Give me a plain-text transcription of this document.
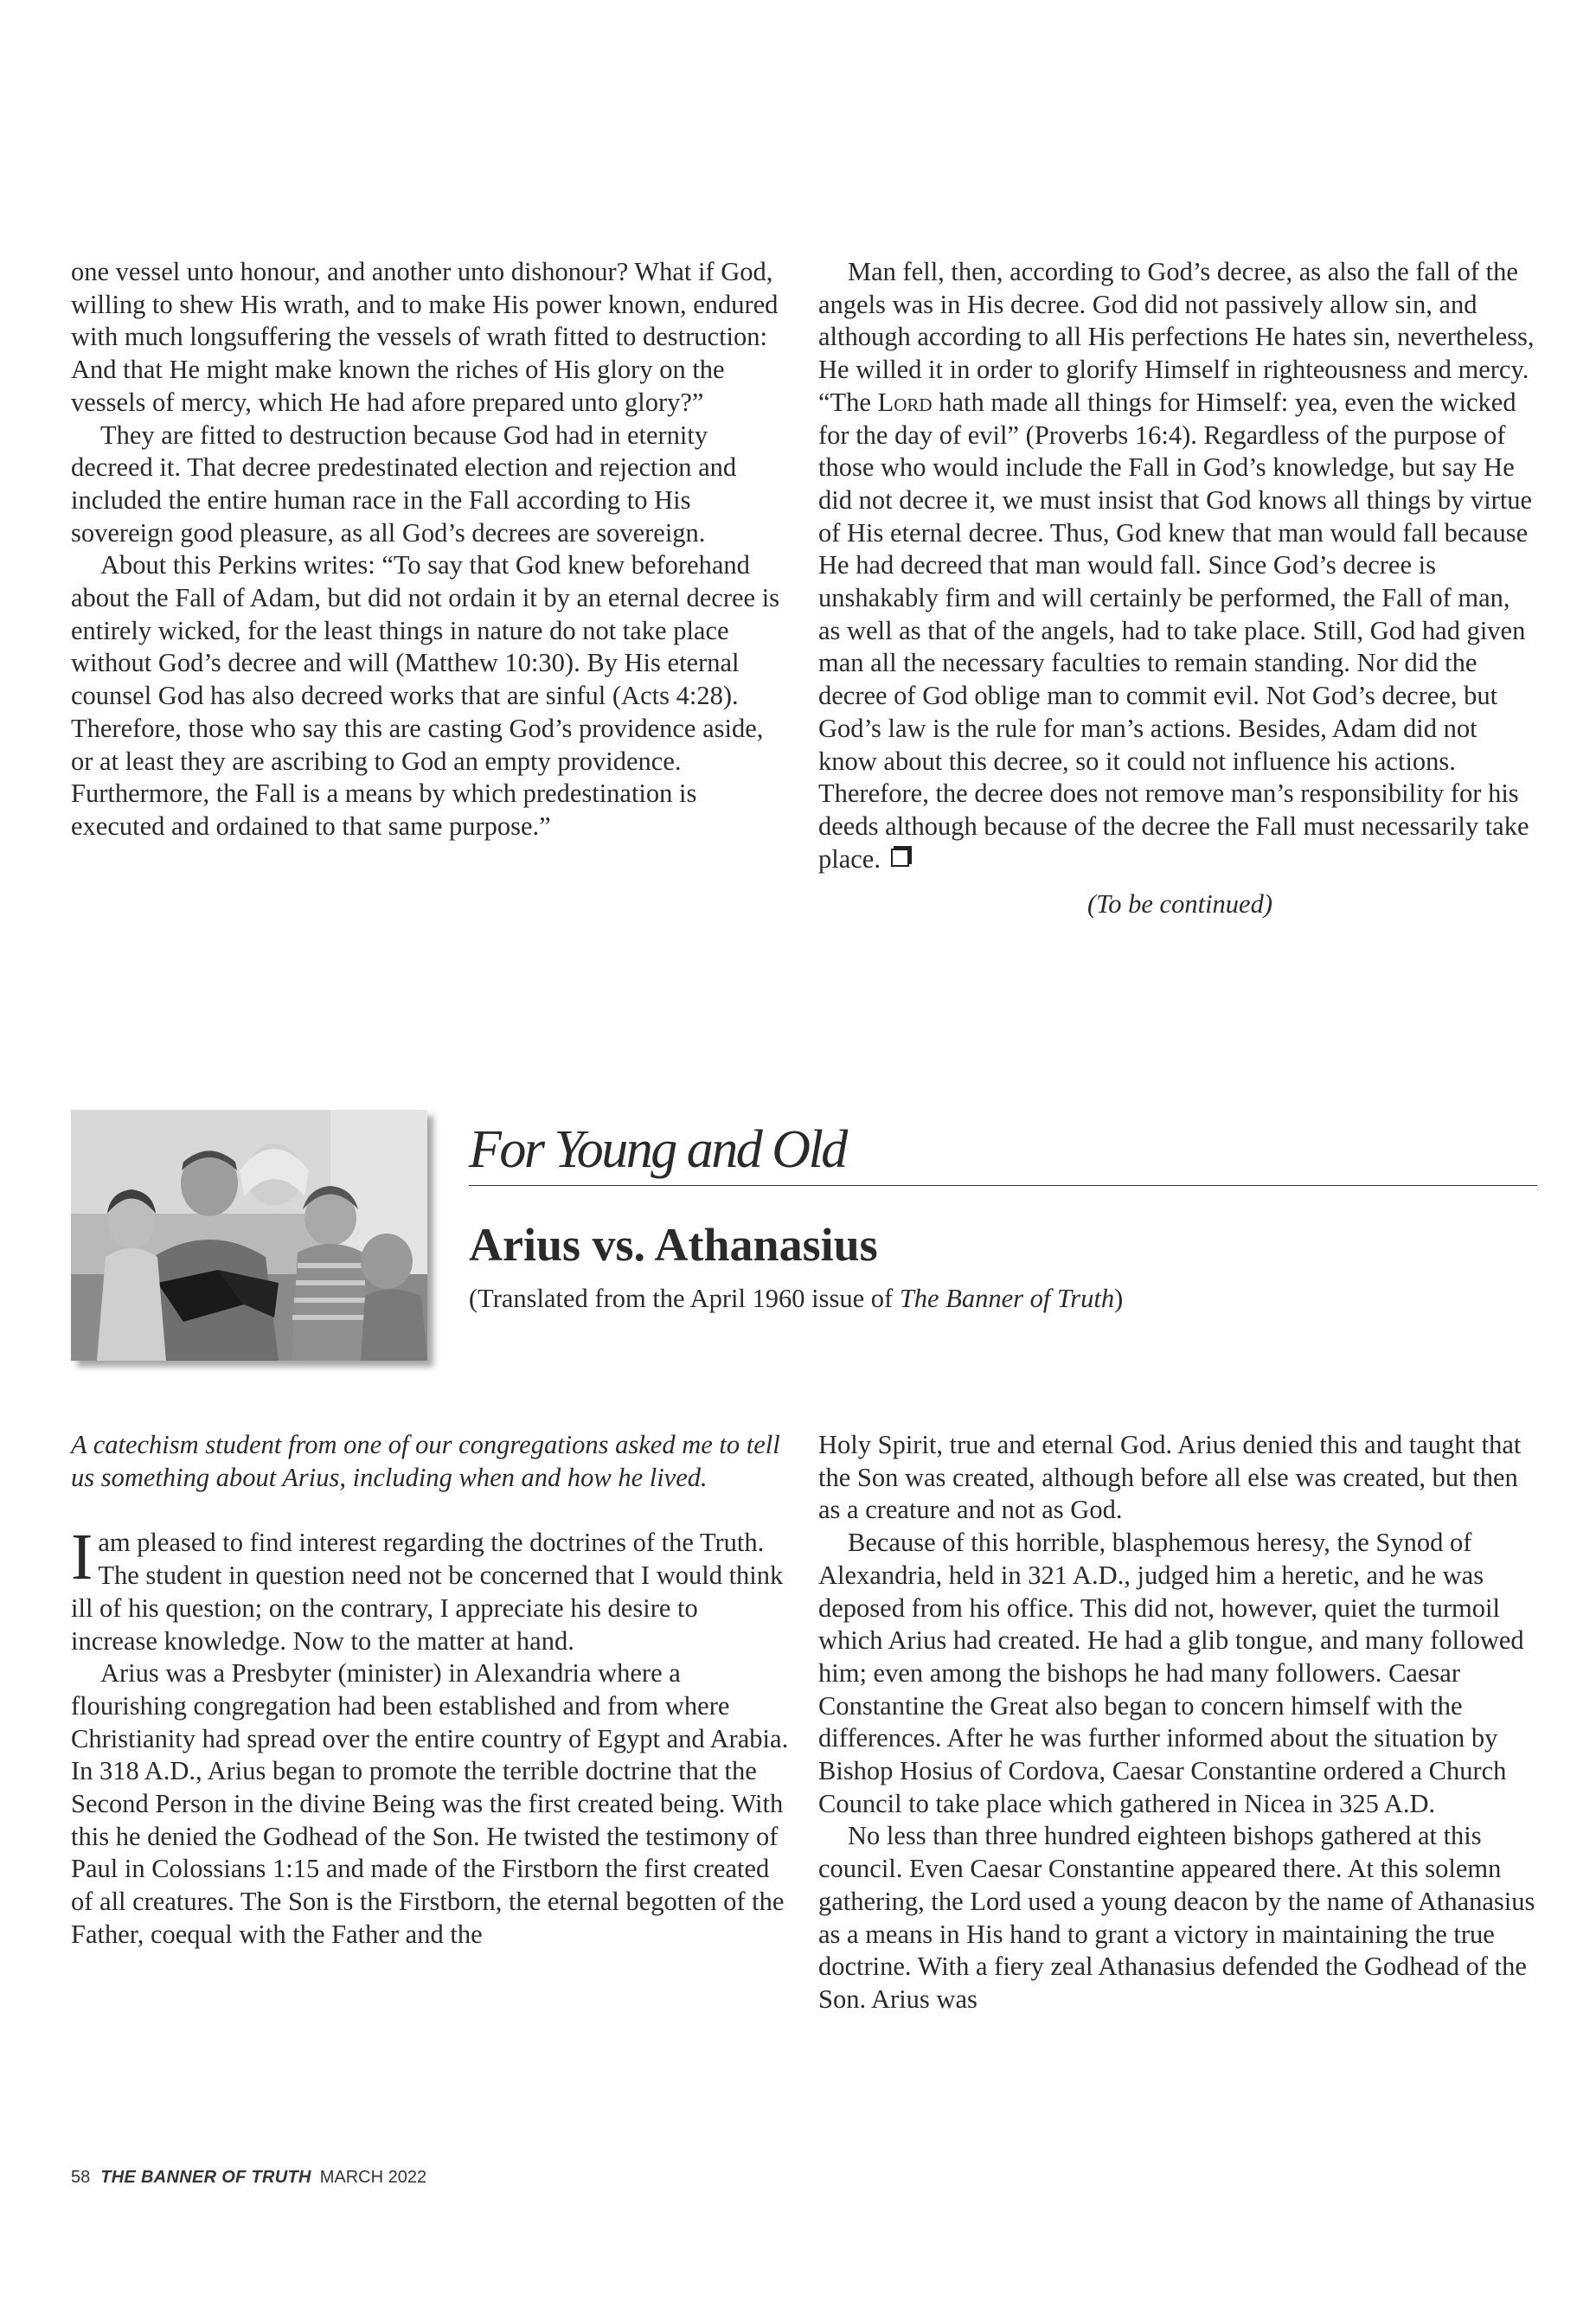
one vessel unto honour, and another unto dishonour? What if God, willing to shew His wrath, and to make His power known, endured with much longsuffering the vessels of wrath fitted to destruction: And that He might make known the riches of His glory on the vessels of mercy, which He had afore prepared unto glory?”

They are fitted to destruction because God had in eternity decreed it. That decree predestinated election and rejection and included the entire human race in the Fall according to His sovereign good pleasure, as all God’s decrees are sovereign.

About this Perkins writes: “To say that God knew beforehand about the Fall of Adam, but did not ordain it by an eternal decree is entirely wicked, for the least things in nature do not take place without God’s decree and will (Matthew 10:30). By His eternal counsel God has also decreed works that are sinful (Acts 4:28). Therefore, those who say this are casting God’s providence aside, or at least they are ascribing to God an empty providence. Furthermore, the Fall is a means by which predestination is executed and ordained to that same purpose.”

Man fell, then, according to God’s decree, as also the fall of the angels was in His decree. God did not passively allow sin, and although according to all His perfections He hates sin, nevertheless, He willed it in order to glorify Himself in righteousness and mercy. “The Lord hath made all things for Himself: yea, even the wicked for the day of evil” (Proverbs 16:4). Regardless of the purpose of those who would include the Fall in God’s knowledge, but say He did not decree it, we must insist that God knows all things by virtue of His eternal decree. Thus, God knew that man would fall because He had decreed that man would fall. Since God’s decree is unshakably firm and will certainly be performed, the Fall of man, as well as that of the angels, had to take place. Still, God had given man all the necessary faculties to remain standing. Nor did the decree of God oblige man to commit evil. Not God’s decree, but God’s law is the rule for man’s actions. Besides, Adam did not know about this decree, so it could not influence his actions. Therefore, the decree does not remove man’s responsibility for his deeds although because of the decree the Fall must necessarily take place.

(To be continued)

For Young and Old
Arius vs. Athanasius

(Translated from the April 1960 issue of The Banner of Truth)

A catechism student from one of our congregations asked me to tell us something about Arius, including when and how he lived.

Iam pleased to find interest regarding the doctrines of the Truth. The student in question need not be concerned that I would think ill of his question; on the contrary, I appreciate his desire to increase knowledge. Now to the matter at hand.

Arius was a Presbyter (minister) in Alexandria where a flourishing congregation had been established and from where Christianity had spread over the entire country of Egypt and Arabia. In 318 A.D., Arius began to promote the terrible doctrine that the Second Person in the divine Being was the first created being. With this he denied the Godhead of the Son. He twisted the testimony of Paul in Colossians 1:15 and made of the Firstborn the first created of all creatures. The Son is the Firstborn, the eternal begotten of the Father, coequal with the Father and the

Holy Spirit, true and eternal God. Arius denied this and taught that the Son was created, although before all else was created, but then as a creature and not as God.

Because of this horrible, blasphemous heresy, the Synod of Alexandria, held in 321 A.D., judged him a heretic, and he was deposed from his office. This did not, however, quiet the turmoil which Arius had created. He had a glib tongue, and many followed him; even among the bishops he had many followers. Caesar Constantine the Great also began to concern himself with the differences. After he was further informed about the situation by Bishop Hosius of Cordova, Caesar Constantine ordered a Church Council to take place which gathered in Nicea in 325 A.D.

No less than three hundred eighteen bishops gathered at this council. Even Caesar Constantine appeared there. At this solemn gathering, the Lord used a young deacon by the name of Athanasius as a means in His hand to grant a victory in maintaining the true doctrine. With a fiery zeal Athanasius defended the Godhead of the Son. Arius was

58 THE BANNER OF TRUTH MARCH 2022
